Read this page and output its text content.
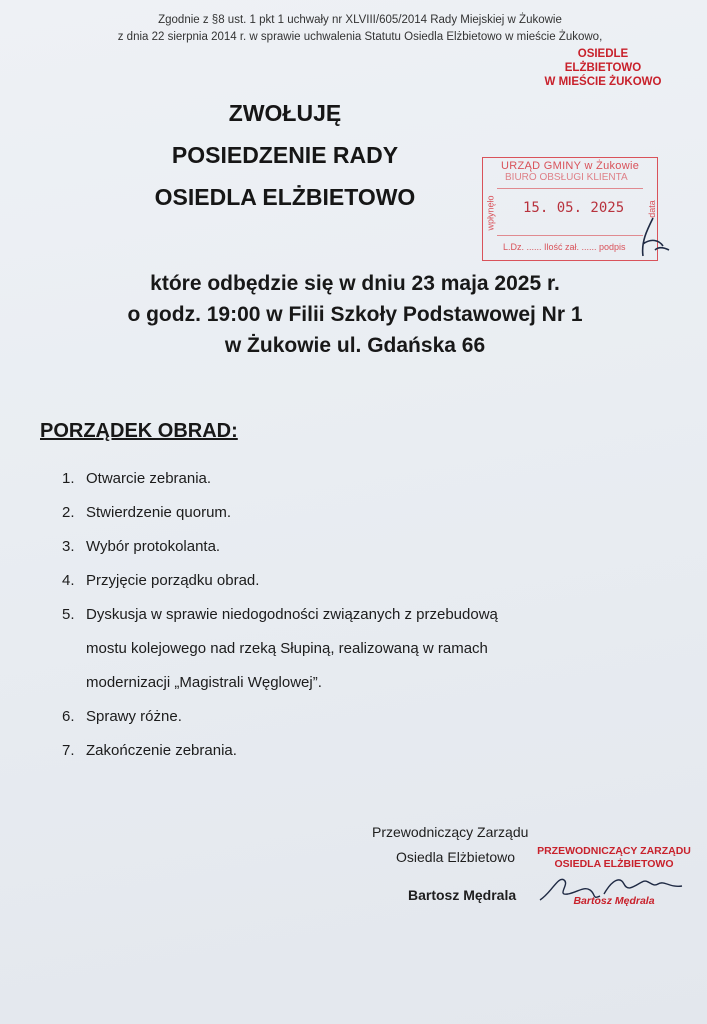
Zgodnie z §8 ust. 1 pkt 1 uchwały nr XLVIII/605/2014 Rady Miejskiej w Żukowie
z dnia 22 sierpnia 2014 r. w sprawie uchwalenia Statutu Osiedla Elżbietowo w mieście Żukowo,
OSIEDLE
ELŻBIETOWO
W MIEŚCIE ŻUKOWO
ZWOŁUJĘ
POSIEDZENIE RADY
OSIEDLA ELŻBIETOWO
URZĄD GMINY w Żukowie
BIURO OBSŁUGI KLIENTA
wpłynęło	data
15. 05. 2025
L.Dz. ...... Ilość zał. ...... podpis
które odbędzie się w dniu 23 maja 2025 r.
o godz. 19:00 w Filii Szkoły Podstawowej Nr 1
w Żukowie ul. Gdańska 66
PORZĄDEK OBRAD:
1. Otwarcie zebrania.
2. Stwierdzenie quorum.
3. Wybór protokolanta.
4. Przyjęcie porządku obrad.
5. Dyskusja w sprawie niedogodności związanych z przebudową
mostu kolejowego nad rzeką Słupiną, realizowaną w ramach
modernizacji „Magistrali Węglowej”.
6. Sprawy różne.
7. Zakończenie zebrania.
Przewodniczący Zarządu
Osiedla Elżbietowo
Bartosz Mędrala
PRZEWODNICZĄCY ZARZĄDU
OSIEDLA ELŻBIETOWO
Bartosz Mędrala
